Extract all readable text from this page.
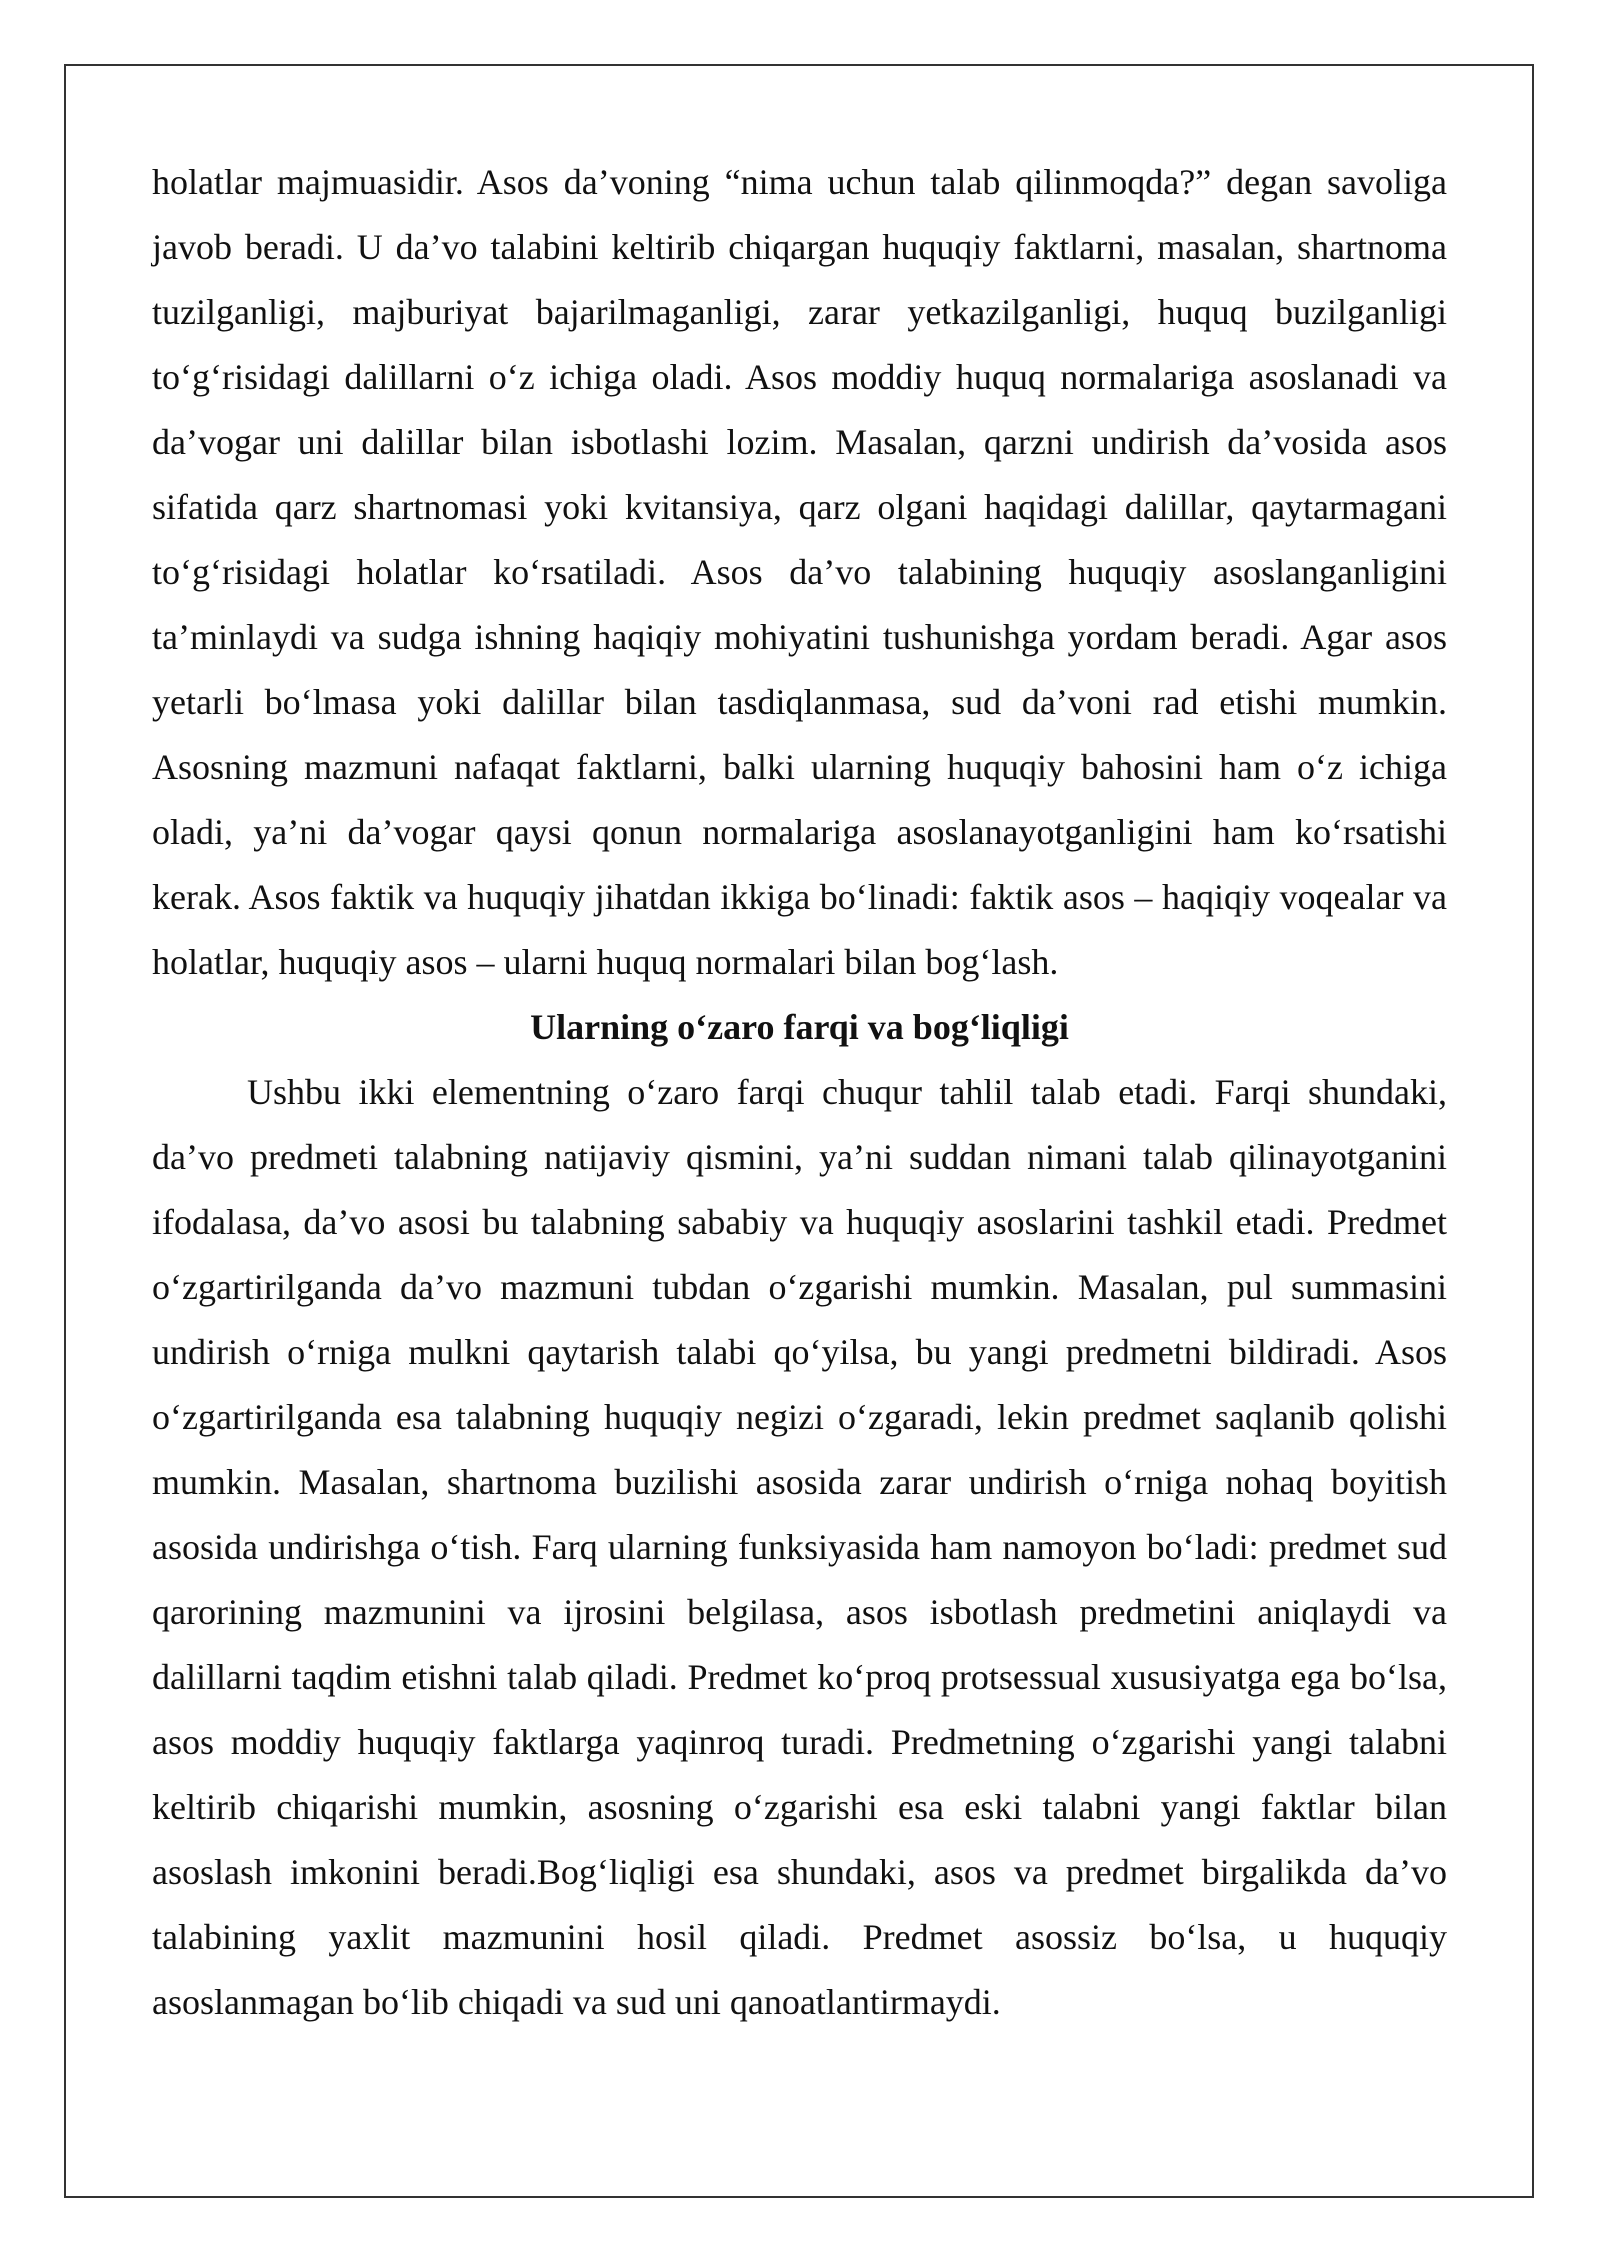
holatlar majmuasidir. Asos da’voning “nima uchun talab qilinmoqda?” degan savoliga javob beradi. U da’vo talabini keltirib chiqargan huquqiy faktlarni, masalan, shartnoma tuzilganligi, majburiyat bajarilmaganligi, zarar yetkazilganligi, huquq buzilganligi to‘g‘risidagi dalillarni o‘z ichiga oladi. Asos moddiy huquq normalariga asoslanadi va da’vogar uni dalillar bilan isbotlashi lozim. Masalan, qarzni undirish da’vosida asos sifatida qarz shartnomasi yoki kvitansiya, qarz olgani haqidagi dalillar, qaytarmagani to‘g‘risidagi holatlar ko‘rsatiladi. Asos da’vo talabining huquqiy asoslanganligini ta’minlaydi va sudga ishning haqiqiy mohiyatini tushunishga yordam beradi. Agar asos yetarli bo‘lmasa yoki dalillar bilan tasdiqlanmasa, sud da’voni rad etishi mumkin. Asosning mazmuni nafaqat faktlarni, balki ularning huquqiy bahosini ham o‘z ichiga oladi, ya’ni da’vogar qaysi qonun normalariga asoslanayotganligini ham ko‘rsatishi kerak. Asos faktik va huquqiy jihatdan ikkiga bo‘linadi: faktik asos – haqiqiy voqealar va holatlar, huquqiy asos – ularni huquq normalari bilan bog‘lash.

Ularning o‘zaro farqi va bog‘liqligi

Ushbu ikki elementning o‘zaro farqi chuqur tahlil talab etadi. Farqi shundaki, da’vo predmeti talabning natijaviy qismini, ya’ni suddan nimani talab qilinayotganini ifodalasa, da’vo asosi bu talabning sababiy va huquqiy asoslarini tashkil etadi. Predmet o‘zgartirilganda da’vo mazmuni tubdan o‘zgarishi mumkin. Masalan, pul summasini undirish o‘rniga mulkni qaytarish talabi qo‘yilsa, bu yangi predmetni bildiradi. Asos o‘zgartirilganda esa talabning huquqiy negizi o‘zgaradi, lekin predmet saqlanib qolishi mumkin. Masalan, shartnoma buzilishi asosida zarar undirish o‘rniga nohaq boyitish asosida undirishga o‘tish. Farq ularning funksiyasida ham namoyon bo‘ladi: predmet sud qarorining mazmunini va ijrosini belgilasa, asos isbotlash predmetini aniqlaydi va dalillarni taqdim etishni talab qiladi. Predmet ko‘proq protsessual xususiyatga ega bo‘lsa, asos moddiy huquqiy faktlarga yaqinroq turadi. Predmetning o‘zgarishi yangi talabni keltirib chiqarishi mumkin, asosning o‘zgarishi esa eski talabni yangi faktlar bilan asoslash imkonini beradi.Bog‘liqligi esa shundaki, asos va predmet birgalikda da’vo talabining yaxlit mazmunini hosil qiladi. Predmet asossiz bo‘lsa, u huquqiy asoslanmagan bo‘lib chiqadi va sud uni qanoatlantirmaydi.
